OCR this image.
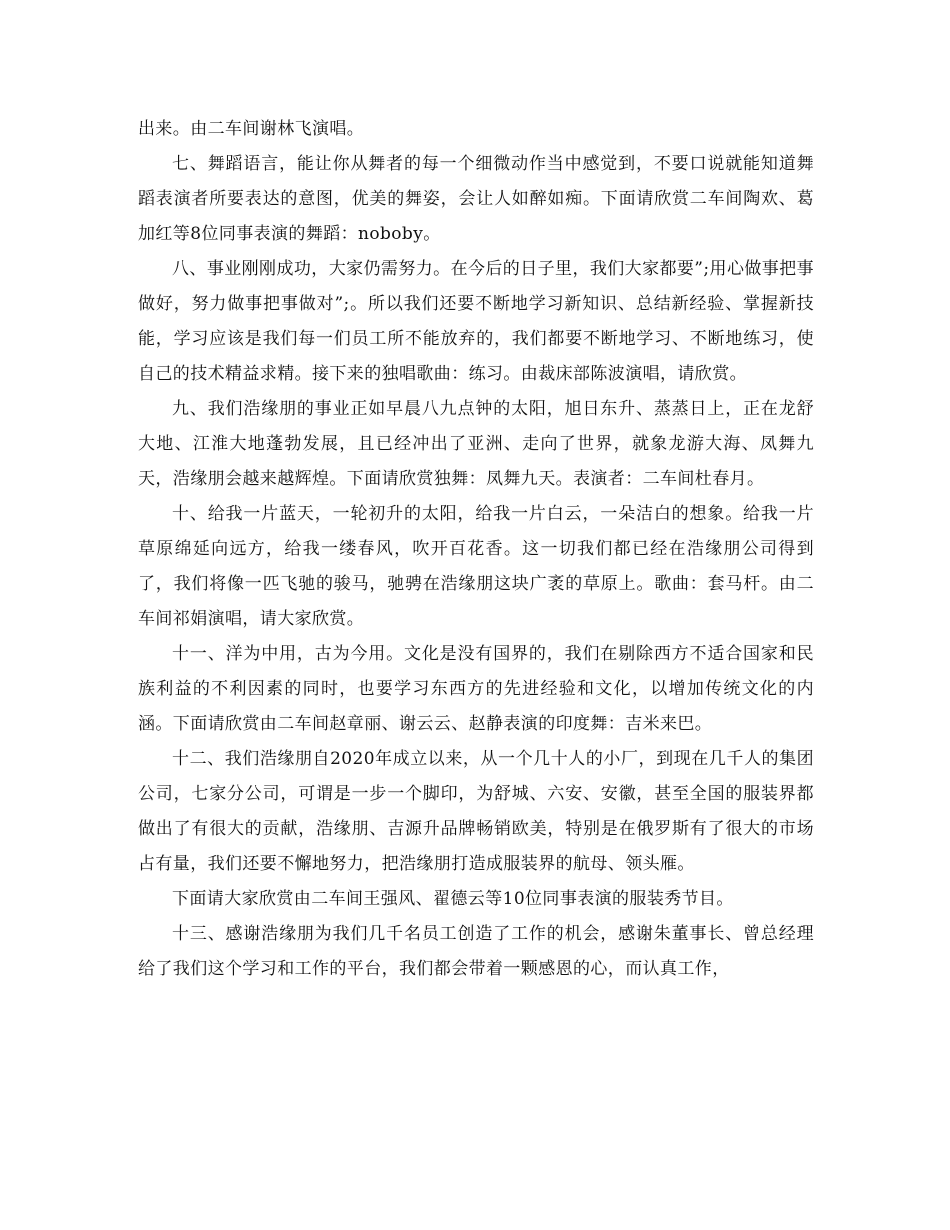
出来。由二车间谢林飞演唱。

七、舞蹈语言，能让你从舞者的每一个细微动作当中感觉到，不要口说就能知道舞蹈表演者所要表达的意图，优美的舞姿，会让人如醉如痴。下面请欣赏二车间陶欢、葛加红等8位同事表演的舞蹈：noboby。

八、事业刚刚成功，大家仍需努力。在今后的日子里，我们大家都要”;用心做事把事做好，努力做事把事做对”;。所以我们还要不断地学习新知识、总结新经验、掌握新技能，学习应该是我们每一们员工所不能放弃的，我们都要不断地学习、不断地练习，使自己的技术精益求精。接下来的独唱歌曲：练习。由裁床部陈波演唱，请欣赏。

九、我们浩缘朋的事业正如早晨八九点钟的太阳，旭日东升、蒸蒸日上，正在龙舒大地、江淮大地蓬勃发展，且已经冲出了亚洲、走向了世界，就象龙游大海、凤舞九天，浩缘朋会越来越辉煌。下面请欣赏独舞：凤舞九天。表演者：二车间杜春月。

十、给我一片蓝天，一轮初升的太阳，给我一片白云，一朵洁白的想象。给我一片草原绵延向远方，给我一缕春风，吹开百花香。这一切我们都已经在浩缘朋公司得到了，我们将像一匹飞驰的骏马，驰骋在浩缘朋这块广袤的草原上。歌曲：套马杆。由二车间祁娟演唱，请大家欣赏。

十一、洋为中用，古为今用。文化是没有国界的，我们在剔除西方不适合国家和民族利益的不利因素的同时，也要学习东西方的先进经验和文化，以增加传统文化的内涵。下面请欣赏由二车间赵章丽、谢云云、赵静表演的印度舞：吉米来巴。

十二、我们浩缘朋自2020年成立以来，从一个几十人的小厂，到现在几千人的集团公司，七家分公司，可谓是一步一个脚印，为舒城、六安、安徽，甚至全国的服装界都做出了有很大的贡献，浩缘朋、吉源升品牌畅销欧美，特别是在俄罗斯有了很大的市场占有量，我们还要不懈地努力，把浩缘朋打造成服装界的航母、领头雁。

下面请大家欣赏由二车间王强风、翟德云等10位同事表演的服装秀节目。

十三、感谢浩缘朋为我们几千名员工创造了工作的机会，感谢朱董事长、曾总经理给了我们这个学习和工作的平台，我们都会带着一颗感恩的心，而认真工作，
